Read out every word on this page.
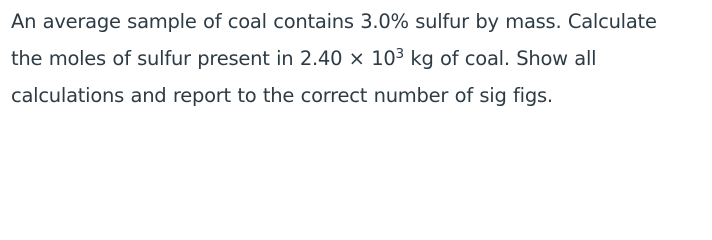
An average sample of coal contains 3.0% sulfur by mass. Calculate
the moles of sulfur present in $2.40 \times 10^3$ kg of coal. Show all
calculations and report to the correct number of sig figs.
